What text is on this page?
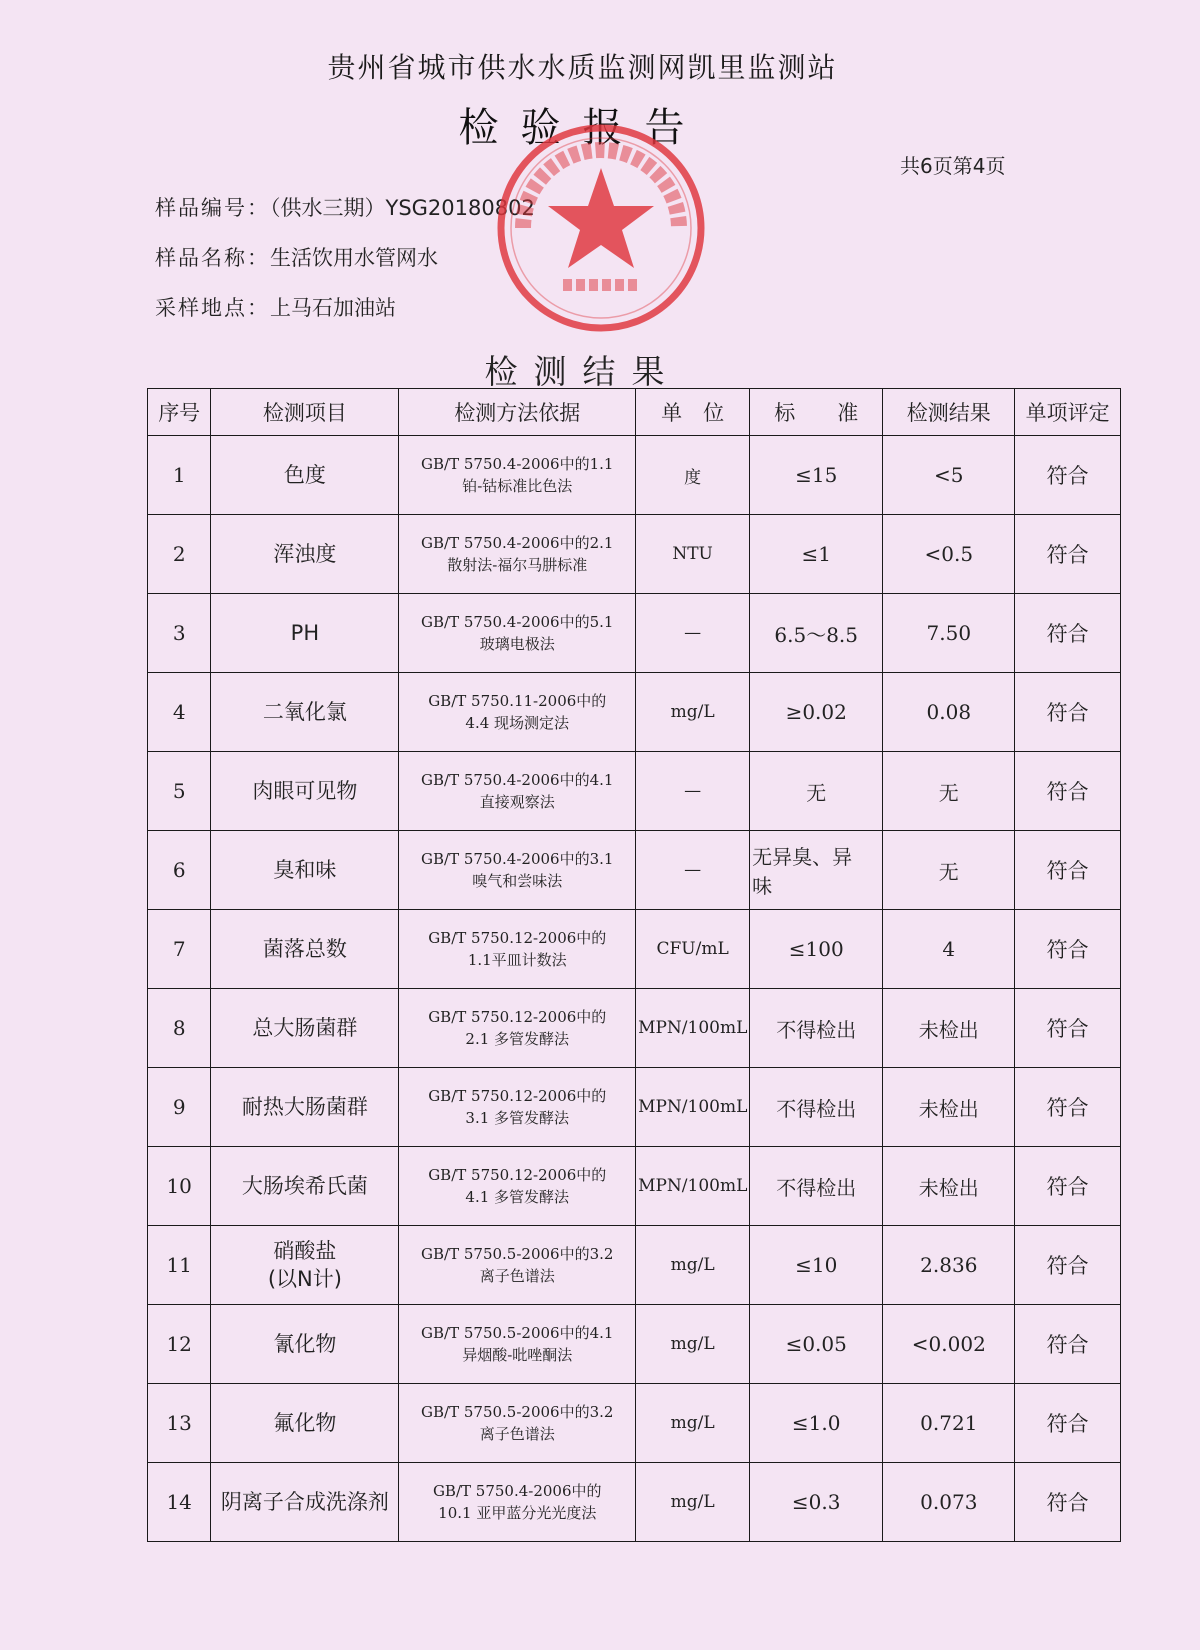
贵州省城市供水水质监测网凯里监测站
检验报告
共6页第4页
样品编号：（供水三期）YSG20180802
样品名称：生活饮用水管网水
采样地点：上马石加油站
检测结果
序号	检测项目	检测方法依据	单　位	标　　准	检测结果	单项评定
1	色度	GB/T 5750.4-2006中的1.1
铂-钴标准比色法	度	≤15	<5	符合
2	浑浊度	GB/T 5750.4-2006中的2.1
散射法-福尔马肼标准	NTU	≤1	<0.5	符合
3	PH	GB/T 5750.4-2006中的5.1
玻璃电极法	—	6.5～8.5	7.50	符合
4	二氧化氯	GB/T 5750.11-2006中的
4.4 现场测定法	mg/L	≥0.02	0.08	符合
5	肉眼可见物	GB/T 5750.4-2006中的4.1
直接观察法	—	无	无	符合
6	臭和味	GB/T 5750.4-2006中的3.1
嗅气和尝味法	—	无异臭、异
味	无	符合
7	菌落总数	GB/T 5750.12-2006中的
1.1平皿计数法	CFU/mL	≤100	4	符合
8	总大肠菌群	GB/T 5750.12-2006中的
2.1 多管发酵法	MPN/100mL	不得检出	未检出	符合
9	耐热大肠菌群	GB/T 5750.12-2006中的
3.1 多管发酵法	MPN/100mL	不得检出	未检出	符合
10	大肠埃希氏菌	GB/T 5750.12-2006中的
4.1 多管发酵法	MPN/100mL	不得检出	未检出	符合
11	硝酸盐
(以N计)	GB/T 5750.5-2006中的3.2
离子色谱法	mg/L	≤10	2.836	符合
12	氰化物	GB/T 5750.5-2006中的4.1
异烟酸-吡唑酮法	mg/L	≤0.05	<0.002	符合
13	氟化物	GB/T 5750.5-2006中的3.2
离子色谱法	mg/L	≤1.0	0.721	符合
14	阴离子合成洗涤剂	GB/T 5750.4-2006中的
10.1 亚甲蓝分光光度法	mg/L	≤0.3	0.073	符合
